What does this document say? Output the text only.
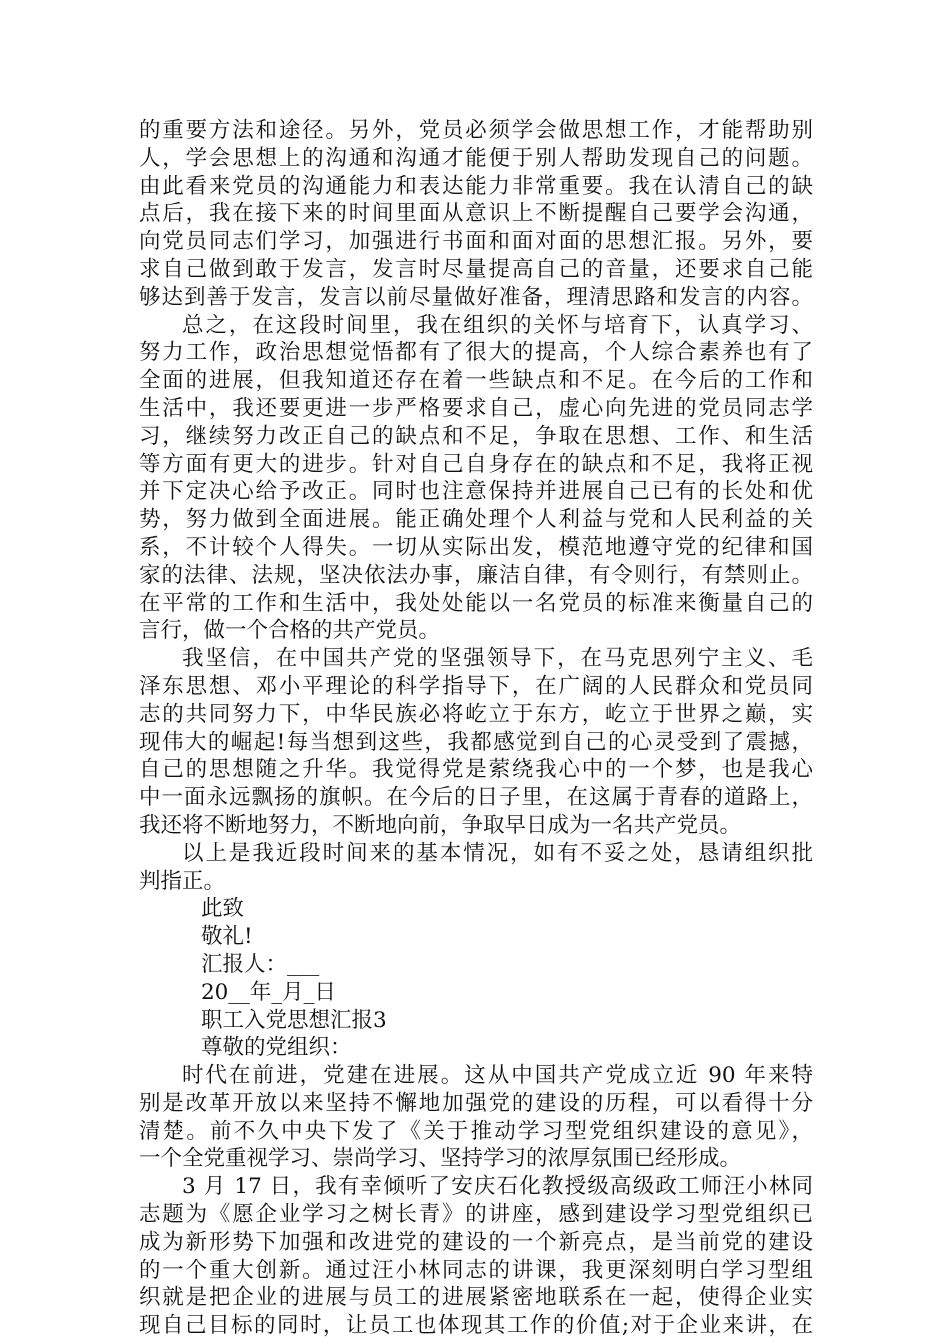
的重要方法和途径。另外，党员必须学会做思想工作，才能帮助别
人，学会思想上的沟通和沟通才能便于别人帮助发现自己的问题。
由此看来党员的沟通能力和表达能力非常重要。我在认清自己的缺
点后，我在接下来的时间里面从意识上不断提醒自己要学会沟通，
向党员同志们学习，加强进行书面和面对面的思想汇报。另外，要
求自己做到敢于发言，发言时尽量提高自己的音量，还要求自己能
够达到善于发言，发言以前尽量做好准备，理清思路和发言的内容。
总之，在这段时间里，我在组织的关怀与培育下，认真学习、
努力工作，政治思想觉悟都有了很大的提高，个人综合素养也有了
全面的进展，但我知道还存在着一些缺点和不足。在今后的工作和
生活中，我还要更进一步严格要求自己，虚心向先进的党员同志学
习，继续努力改正自己的缺点和不足，争取在思想、工作、和生活
等方面有更大的进步。针对自己自身存在的缺点和不足，我将正视
并下定决心给予改正。同时也注意保持并进展自己已有的长处和优
势，努力做到全面进展。能正确处理个人利益与党和人民利益的关
系，不计较个人得失。一切从实际出发，模范地遵守党的纪律和国
家的法律、法规，坚决依法办事，廉洁自律，有令则行，有禁则止。
在平常的工作和生活中，我处处能以一名党员的标准来衡量自己的
言行，做一个合格的共产党员。
我坚信，在中国共产党的坚强领导下，在马克思列宁主义、毛
泽东思想、邓小平理论的科学指导下，在广阔的人民群众和党员同
志的共同努力下，中华民族必将屹立于东方，屹立于世界之巅，实
现伟大的崛起!每当想到这些，我都感觉到自己的心灵受到了震撼，
自己的思想随之升华。我觉得党是萦绕我心中的一个梦，也是我心
中一面永远飘扬的旗帜。在今后的日子里，在这属于青春的道路上，
我还将不断地努力，不断地向前，争取早日成为一名共产党员。
以上是我近段时间来的基本情况，如有不妥之处，恳请组织批
判指正。
此致
敬礼!
汇报人：___
20__年_月_日
职工入党思想汇报3
尊敬的党组织：
时代在前进，党建在进展。这从中国共产党成立近 90 年来特
别是改革开放以来坚持不懈地加强党的建设的历程，可以看得十分
清楚。前不久中央下发了《关于推动学习型党组织建设的意见》，
一个全党重视学习、崇尚学习、坚持学习的浓厚氛围已经形成。
3 月 17 日，我有幸倾听了安庆石化教授级高级政工师汪小林同
志题为《愿企业学习之树长青》的讲座，感到建设学习型党组织已
成为新形势下加强和改进党的建设的一个新亮点，是当前党的建设
的一个重大创新。通过汪小林同志的讲课，我更深刻明白学习型组
织就是把企业的进展与员工的进展紧密地联系在一起，使得企业实
现自己目标的同时，让员工也体现其工作的价值;对于企业来讲，在
